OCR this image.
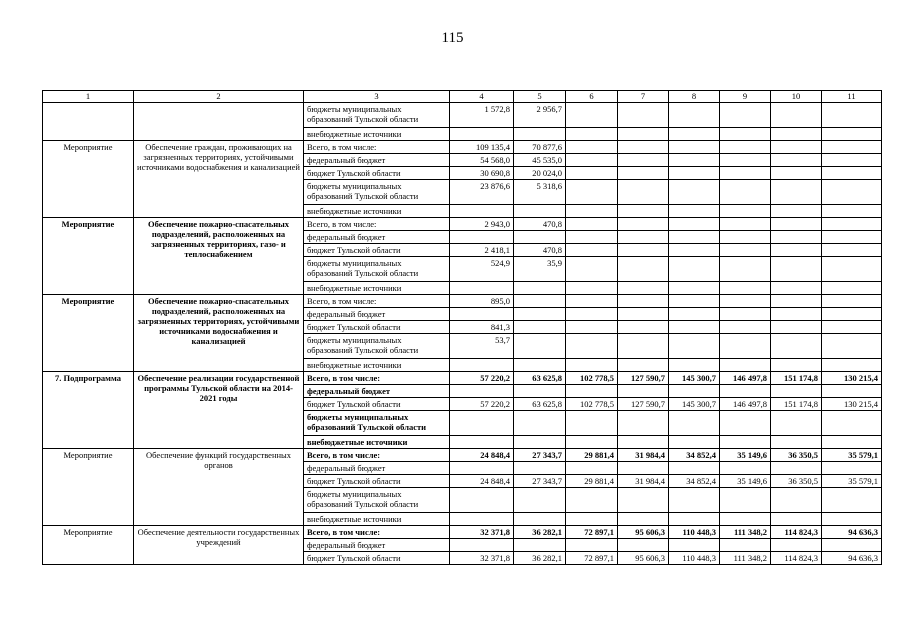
115
1	2	3	4	5	6	7	8	9	10	11
		бюджеты муниципальных образований Тульской области	1 572,8	2 956,7						
		внебюджетные источники								
Мероприятие	Обеспечение граждан, проживающих на загрязненных территориях, устойчивыми источниками водоснабжения и канализацией	Всего, в том числе:	109 135,4	70 877,6						
		федеральный бюджет	54 568,0	45 535,0						
		бюджет Тульской области	30 690,8	20 024,0						
		бюджеты муниципальных образований Тульской области	23 876,6	5 318,6						
		внебюджетные источники								
Мероприятие	Обеспечение пожарно-спасательных подразделений, расположенных на загрязненных территориях, газо- и теплоснабжением	Всего, в том числе:	2 943,0	470,8						
		федеральный бюджет								
		бюджет Тульской области	2 418,1	470,8						
		бюджеты муниципальных образований Тульской области	524,9	35,9						
		внебюджетные источники								
Мероприятие	Обеспечение пожарно-спасательных подразделений, расположенных на загрязненных территориях, устойчивыми источниками водоснабжения и канализацией	Всего, в том числе:	895,0							
		федеральный бюджет								
		бюджет Тульской области	841,3							
		бюджеты муниципальных образований Тульской области	53,7							
		внебюджетные источники								
7. Подпрограмма	Обеспечение реализации государственной программы Тульской области на 2014-2021 годы	Всего, в том числе:	57 220,2	63 625,8	102 778,5	127 590,7	145 300,7	146 497,8	151 174,8	130 215,4
		федеральный бюджет								
		бюджет Тульской области	57 220,2	63 625,8	102 778,5	127 590,7	145 300,7	146 497,8	151 174,8	130 215,4
		бюджеты муниципальных образований Тульской области								
		внебюджетные источники								
Мероприятие	Обеспечение функций государственных органов	Всего, в том числе:	24 848,4	27 343,7	29 881,4	31 984,4	34 852,4	35 149,6	36 350,5	35 579,1
		федеральный бюджет								
		бюджет Тульской области	24 848,4	27 343,7	29 881,4	31 984,4	34 852,4	35 149,6	36 350,5	35 579,1
		бюджеты муниципальных образований Тульской области								
		внебюджетные источники								
Мероприятие	Обеспечение деятельности государственных учреждений	Всего, в том числе:	32 371,8	36 282,1	72 897,1	95 606,3	110 448,3	111 348,2	114 824,3	94 636,3
		федеральный бюджет								
		бюджет Тульской области	32 371,8	36 282,1	72 897,1	95 606,3	110 448,3	111 348,2	114 824,3	94 636,3
